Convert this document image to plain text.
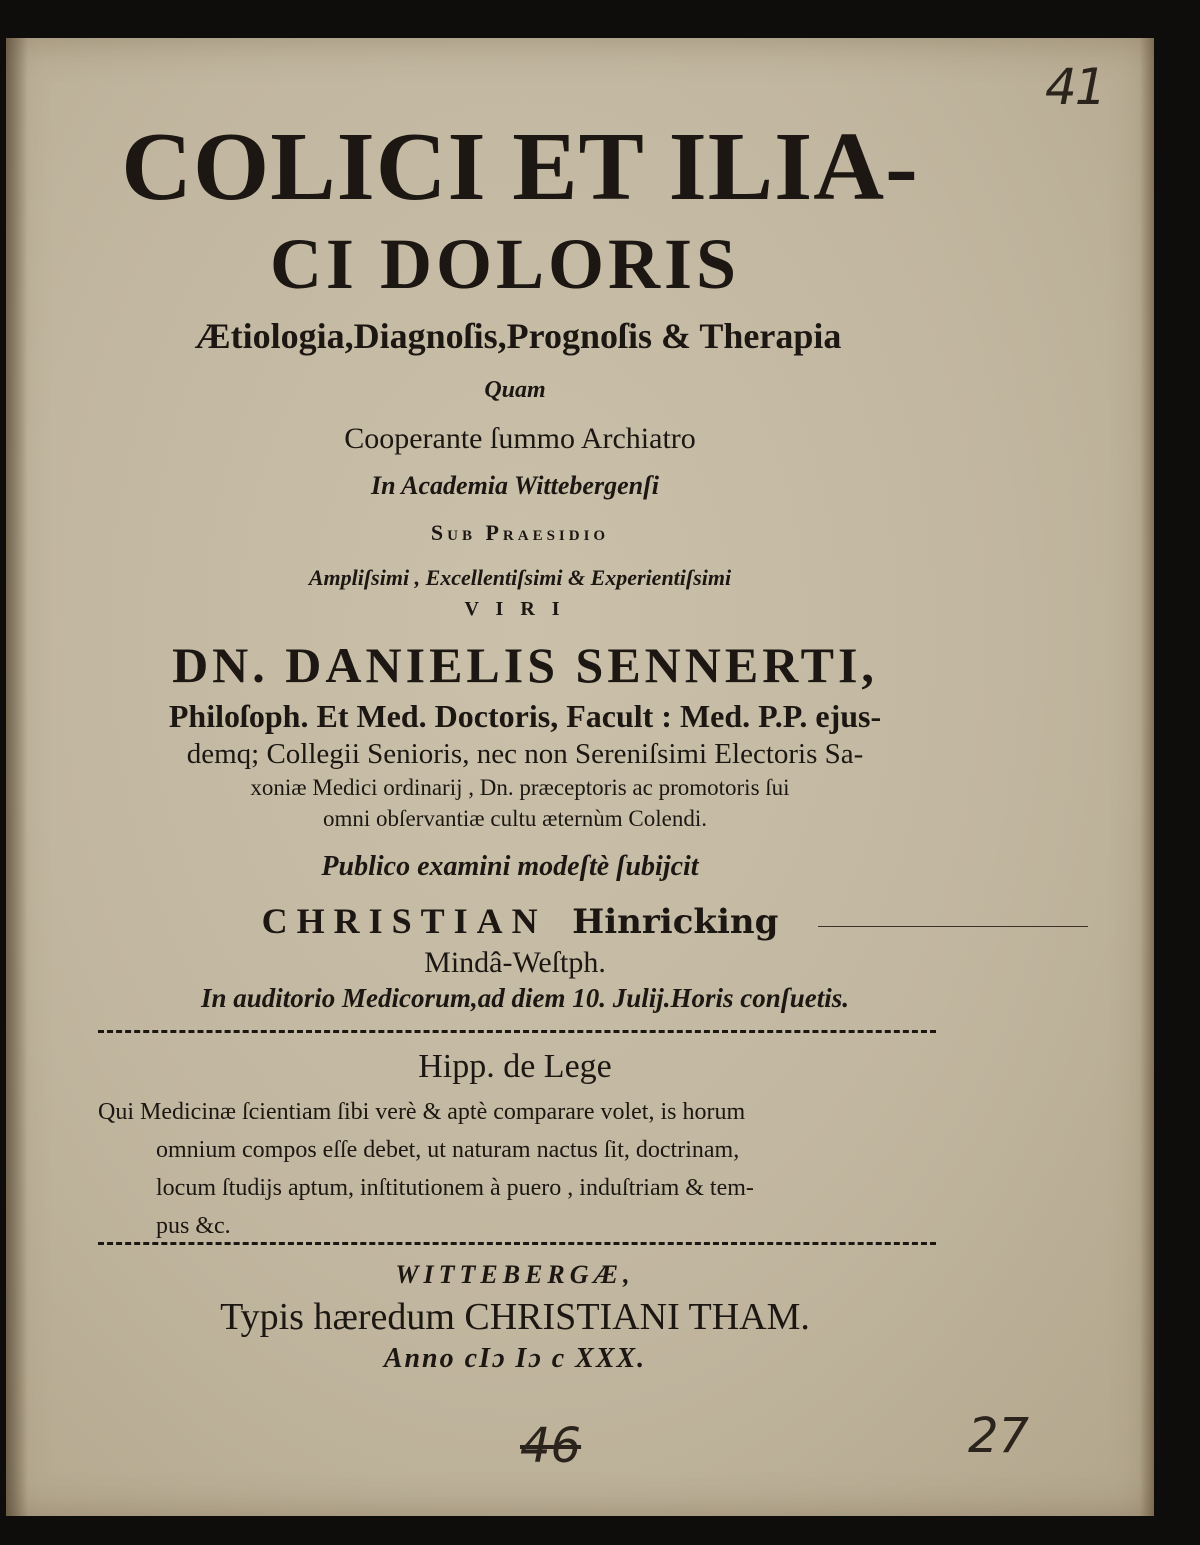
41
COLICI ET ILIA-
CI DOLORIS
Ætiologia,Diagnoſis,Prognoſis & Therapia
Quam
Cooperante ſummo Archiatro
In Academia Wittebergenſi
Sub Praesidio
Ampliſsimi , Excellentiſsimi & Experientiſsimi
V I R I
DN. DANIELIS SENNERTI,
Philoſoph. Et Med. Doctoris, Facult : Med. P.P. ejus-
demq; Collegii Senioris, nec non Sereniſsimi Electoris Sa-
xoniæ Medici ordinarij , Dn. præceptoris ac promotoris ſui
omni obſervantiæ cultu æternùm Colendi.
Publico examini modeſtè ſubijcit
CHRISTIAN Hinricking
Mindâ-Weſtph.
In auditorio Medicorum,ad diem 10. Julij.Horis conſuetis.
Hipp. de Lege
Qui Medicinæ ſcientiam ſibi verè & aptè comparare volet, is horum
omnium compos eſſe debet, ut naturam nactus ſit, doctrinam,
locum ſtudijs aptum, inſtitutionem à puero , induſtriam & tem-
pus &c.
WITTEBERGÆ,
Typis hæredum CHRISTIANI THAM.
Anno cIɔ Iɔ c XXX.
46	27
